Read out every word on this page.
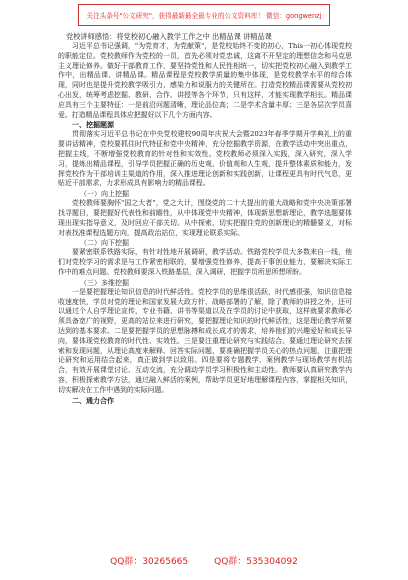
关注头条号"公文研究"，获得最新最全最专业的公文资料库！ 微信：gongwenzj

党校讲师感悟：将党校初心融入教学工作之中 出精品课 讲精品课

习近平总书记强调，"为党育才，为党献策"，是党校始终不变的初心，This一初心体现党校的职能定位。党校教师作为党校的一员，首先必须对党忠诚，这离不开坚定的理想信念和马克思主义理论修养。做好干部教育工作，要坚持党性和人民性相统一，切实把党校初心融入到教学工作中，出精品课、讲精品课。精品课程是党校教学质量的集中体现，是党校教学水平的综合体现，同时也是提升党校教学吸引力、感染力和说服力的关键所在。打造党校精品课需要从党校初心出发，统筹考虑挖掘、教研、合作、讲授等各个环节，只有这样，才能实现教学相长。精品课应具有三个主要特征：一是前沿问题清晰，理论品位高；二是学术含量丰厚；三是各层次学员喜爱。打造精品课程具体应把握好以下几个方面内容。

一、挖掘题源

贯彻落实习近平总书记在中央党校建校90周年庆祝大会暨2023年春季学期开学典礼上的重要讲话精神，党校要抓住时代特征和党中央精神，充分挖掘教学资源，在教学活动中突出重点，把握主线，不断增强党校教育的针对性和实效性。党校教师必须深入实践，深入研究，深入学习，提炼出精品课程，引导学员把握正确的历史观、价值观和人生观，提升整体素质和能力，发挥党校作为干部培训主渠道的作用，深入推进理论创新和实践创新，让课程更具有时代气息，更贴近干部需求，力求形成具有影响力的精品课程。

（一）向上挖掘

党校教师要胸怀"国之大者"，党之大计，围绕党的二十大提出的重大战略和党中央决策部署找寻题目，要把握好代表性和前瞻性，从中体现党中央精神，体现新思想新理论，教学选题要体现出现实指导意义，及时回应干部关切。从中探索，切实把握住党的创新理论的精髓要义，对标对表找准课程选题方向，提高政治站位，实现理论联系实际。

（二）向下挖掘

要紧密联系铁路实际，有针对性地开展调研，教学活动。铁路党校学员大多数来自一线，他们对党校学习的需求是与工作紧密相联的，要增强党性修养，提高干事创业能力，要解决实际工作中的难点问题。党校教师要深入铁路基层，深入调研，把握学员所思所想所盼。

（三）多维挖掘

一是要把握理论知识信息的时代鲜活性。党校学员的思维很活跃，时代感很强，知识信息接收速度快，学员对党的理论和国家发展大政方针、战略部署的了解，除了教师的讲授之外，还可以通过个人自学理论宣传，专业书籍、讲书等渠道以及在学员的讨论中获取，这样就要求教师必须具备宽广的视野，更高的站位来进行研究，要把握理论知识的时代鲜活性，这是理论教学所要达到的基本要求。二是要把握学员的思想脉搏和成长成才的需求，培养他们的兴趣爱好和成长导向，要体现党校教育的时代性、实效性。三是要注重理论研究与实践结合。要通过理论研究去探索和发现问题，从理论高度来解释、回答实际问题，要准确把握学员关心的热点问题，注重把理论研究和运用结合起来，真正做到学以致用。四是要将专题教学、案例教学与现场教学有机结合，有效开展课堂讨论、互动交流，充分调动学员学习积极性和主动性。教师要认真研究教学内容，积极探索教学方法，通过融入鲜活的案例，帮助学员更好地理解课程内容，掌握相关知识，切实解决在工作中遇到的实际问题。

二、通力合作

QQ群：30265665	QQ群：535304092
